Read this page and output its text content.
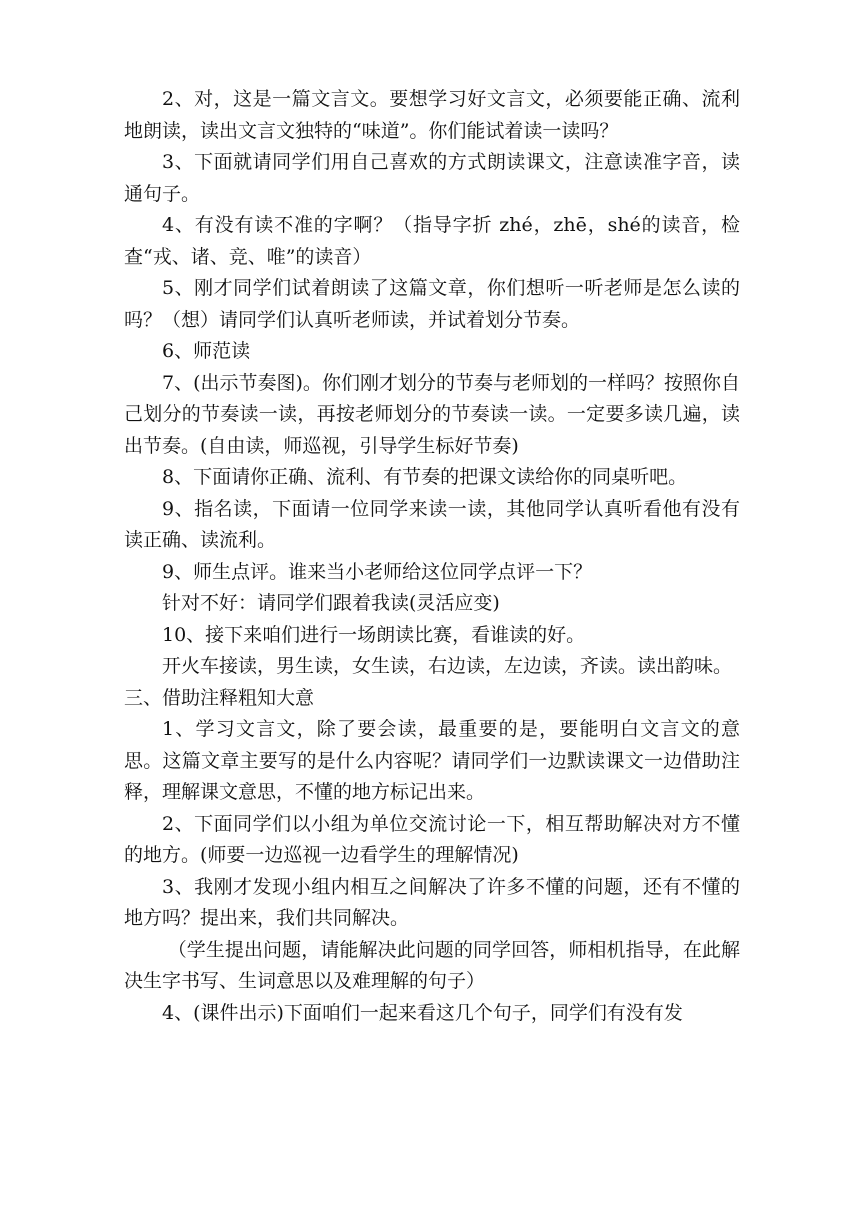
2、对，这是一篇文言文。要想学习好文言文，必须要能正确、流利地朗读，读出文言文独特的“味道”。你们能试着读一读吗？

3、下面就请同学们用自己喜欢的方式朗读课文，注意读准字音，读通句子。

4、有没有读不准的字啊？（指导字折 zhé，zhē，shé的读音，检查“戎、诸、竞、唯”的读音）

5、刚才同学们试着朗读了这篇文章，你们想听一听老师是怎么读的吗？（想）请同学们认真听老师读，并试着划分节奏。

6、师范读

7、(出示节奏图)。你们刚才划分的节奏与老师划的一样吗？按照你自己划分的节奏读一读，再按老师划分的节奏读一读。一定要多读几遍，读出节奏。(自由读，师巡视，引导学生标好节奏)

8、下面请你正确、流利、有节奏的把课文读给你的同桌听吧。

9、指名读，下面请一位同学来读一读，其他同学认真听看他有没有读正确、读流利。

9、师生点评。谁来当小老师给这位同学点评一下？

针对不好：请同学们跟着我读(灵活应变)

10、接下来咱们进行一场朗读比赛，看谁读的好。

开火车接读，男生读，女生读，右边读，左边读，齐读。读出韵味。

三、借助注释粗知大意

1、学习文言文，除了要会读，最重要的是，要能明白文言文的意思。这篇文章主要写的是什么内容呢？请同学们一边默读课文一边借助注释，理解课文意思，不懂的地方标记出来。

2、下面同学们以小组为单位交流讨论一下，相互帮助解决对方不懂的地方。(师要一边巡视一边看学生的理解情况)

3、我刚才发现小组内相互之间解决了许多不懂的问题，还有不懂的地方吗？提出来，我们共同解决。

（学生提出问题，请能解决此问题的同学回答，师相机指导，在此解决生字书写、生词意思以及难理解的句子）

4、(课件出示)下面咱们一起来看这几个句子，同学们有没有发
